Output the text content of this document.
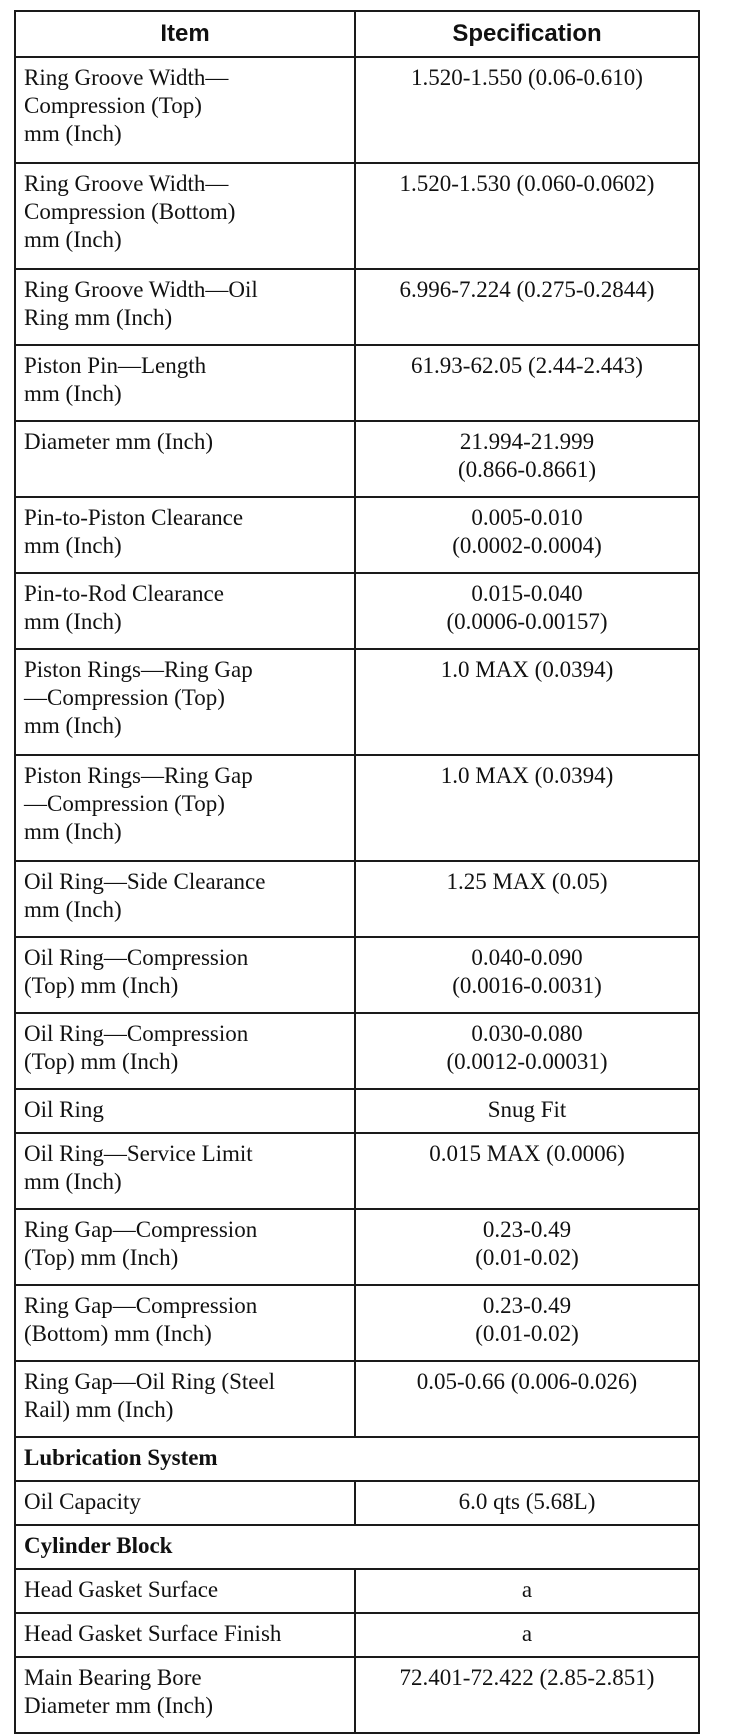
Item	Specification

Ring Groove Width—
Compression (Top)
mm (Inch)	1.520-1.550 (0.06-0.610)

Ring Groove Width—
Compression (Bottom)
mm (Inch)	1.520-1.530 (0.060-0.0602)

Ring Groove Width—Oil
Ring mm (Inch)	6.996-7.224 (0.275-0.2844)

Piston Pin—Length
mm (Inch)	61.93-62.05 (2.44-2.443)

Diameter mm (Inch)	21.994-21.999
(0.866-0.8661)

Pin-to-Piston Clearance
mm (Inch)	0.005-0.010
(0.0002-0.0004)

Pin-to-Rod Clearance
mm (Inch)	0.015-0.040
(0.0006-0.00157)

Piston Rings—Ring Gap
—Compression (Top)
mm (Inch)	1.0 MAX (0.0394)

Piston Rings—Ring Gap
—Compression (Top)
mm (Inch)	1.0 MAX (0.0394)

Oil Ring—Side Clearance
mm (Inch)	1.25 MAX (0.05)

Oil Ring—Compression
(Top) mm (Inch)	0.040-0.090
(0.0016-0.0031)

Oil Ring—Compression
(Top) mm (Inch)	0.030-0.080
(0.0012-0.00031)

Oil Ring	Snug Fit

Oil Ring—Service Limit
mm (Inch)	0.015 MAX (0.0006)

Ring Gap—Compression
(Top) mm (Inch)	0.23-0.49
(0.01-0.02)

Ring Gap—Compression
(Bottom) mm (Inch)	0.23-0.49
(0.01-0.02)

Ring Gap—Oil Ring (Steel
Rail) mm (Inch)	0.05-0.66 (0.006-0.026)

Lubrication System	

Oil Capacity	6.0 qts (5.68L)

Cylinder Block	

Head Gasket Surface	a

Head Gasket Surface Finish	a

Main Bearing Bore
Diameter mm (Inch)	72.401-72.422 (2.85-2.851)
